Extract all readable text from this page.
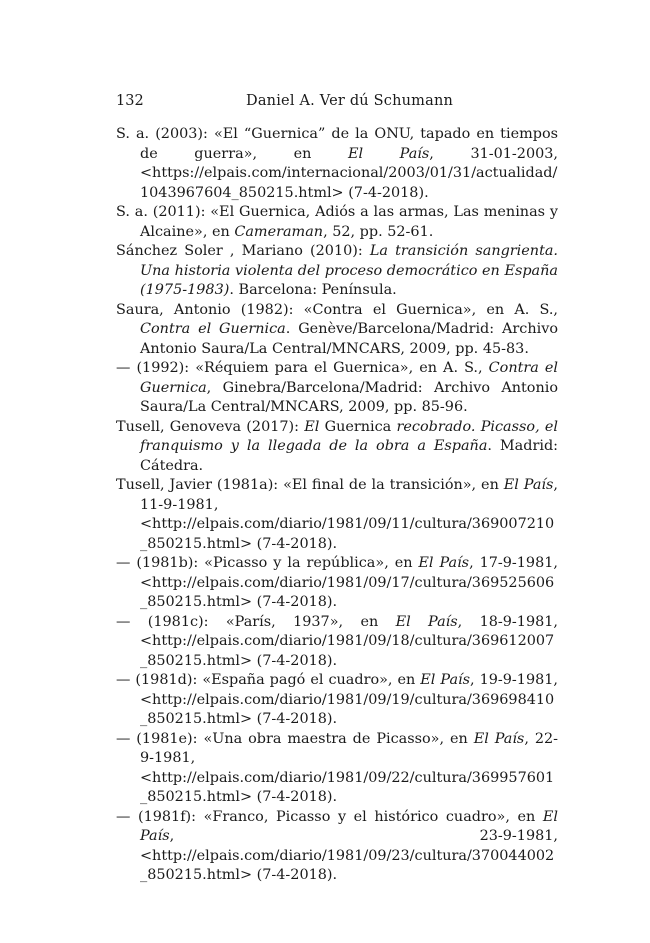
132	Daniel A. Ver dú Schumann

S. a. (2003): «El “Guernica” de la ONU, tapado en tiempos de guerra», en El País, 31-01-2003, <https://elpais.com/internacional/2003/01/31/actualidad/1043967604_850215.html> (7-4-2018).

S. a. (2011): «El Guernica, Adiós a las armas, Las meninas y Alcaine», en Cameraman, 52, pp. 52-61.

Sánchez Soler , Mariano (2010): La transición sangrienta. Una historia violenta del proceso democrático en España (1975-1983). Barcelona: Península.

Saura, Antonio (1982): «Contra el Guernica», en A. S., Contra el Guernica. Genève/Barcelona/Madrid: Archivo Antonio Saura/La Central/MNCARS, 2009, pp. 45-83.

— (1992): «Réquiem para el Guernica», en A. S., Contra el Guernica, Ginebra/Barcelona/Madrid: Archivo Antonio Saura/La Central/MNCARS, 2009, pp. 85-96.

Tusell, Genoveva (2017): El Guernica recobrado. Picasso, el franquismo y la llegada de la obra a España. Madrid: Cátedra.

Tusell, Javier (1981a): «El final de la transición», en El País, 11-9-1981, <http://elpais.com/diario/1981/09/11/cultura/369007210_850215.html> (7-4-2018).

— (1981b): «Picasso y la república», en El País, 17-9-1981, <http://elpais.com/diario/1981/09/17/cultura/369525606_850215.html> (7-4-2018).

— (1981c): «París, 1937», en El País, 18-9-1981, <http://elpais.com/diario/1981/09/18/cultura/369612007_850215.html> (7-4-2018).

— (1981d): «España pagó el cuadro», en El País, 19-9-1981, <http://elpais.com/diario/1981/09/19/cultura/369698410_850215.html> (7-4-2018).

— (1981e): «Una obra maestra de Picasso», en El País, 22-9-1981, <http://elpais.com/diario/1981/09/22/cultura/369957601_850215.html> (7-4-2018).

— (1981f): «Franco, Picasso y el histórico cuadro», en El País, 23-9-1981, <http://elpais.com/diario/1981/09/23/cultura/370044002_850215.html> (7-4-2018).
